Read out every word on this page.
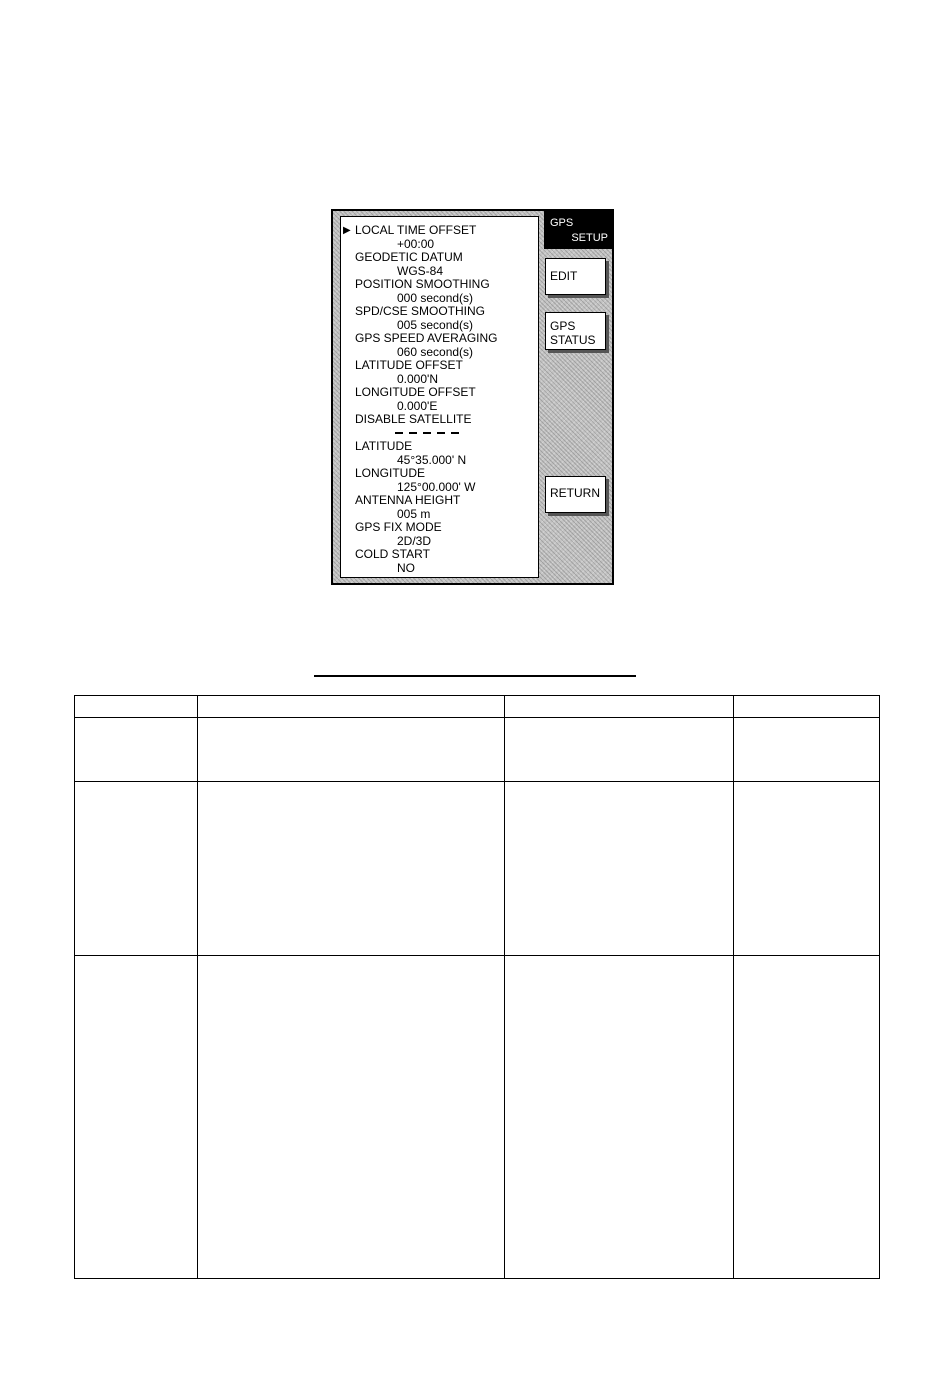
▶ LOCAL TIME OFFSET
+00:00
GEODETIC DATUM
WGS-84
POSITION SMOOTHING
000 second(s)
SPD/CSE SMOOTHING
005 second(s)
GPS SPEED AVERAGING
060 second(s)
LATITUDE OFFSET
0.000'N
LONGITUDE OFFSET
0.000'E
DISABLE SATELLITE
LATITUDE
45°35.000' N
LONGITUDE
125°00.000' W
ANTENNA HEIGHT
005 m
GPS FIX MODE
2D/3D
COLD START
NO
GPS
SETUP
EDIT
GPS
STATUS
RETURN
